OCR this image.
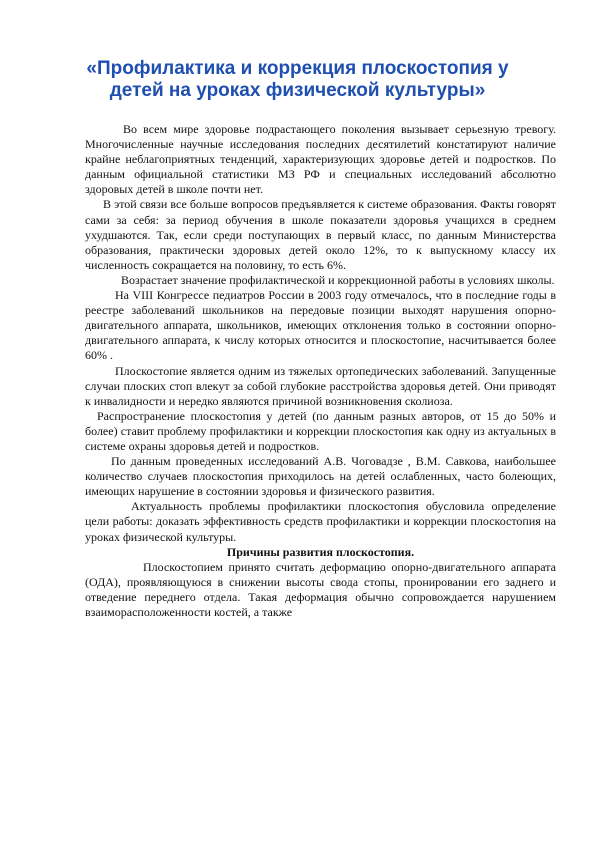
«Профилактика и коррекция плоскостопия у детей на уроках физической культуры»

Во всем мире здоровье подрастающего поколения вызывает серьезную тревогу. Многочисленные научные исследования последних десятилетий констатируют наличие крайне неблагоприятных тенденций, характеризующих здоровье детей и подростков. По данным официальной статистики МЗ РФ и специальных исследований абсолютно здоровых детей в школе почти нет.

В этой связи все больше вопросов предъявляется к системе образования. Факты говорят сами за себя: за период обучения в школе показатели здоровья учащихся в среднем ухудшаются. Так, если среди поступающих в первый класс, по данным Министерства образования, практически здоровых детей около 12%, то к выпускному классу их численность сокращается на половину, то есть 6%.

Возрастает значение профилактической и коррекционной работы в условиях школы.

На VIII Конгрессе педиатров России в 2003 году отмечалось, что в последние годы в реестре заболеваний школьников на передовые позиции выходят нарушения опорно-двигательного аппарата, школьников, имеющих отклонения только в состоянии опорно-двигательного аппарата, к числу которых относится и плоскостопие, насчитывается более 60% .

Плоскостопие является одним из тяжелых ортопедических заболеваний. Запущенные случаи плоских стоп влекут за собой глубокие расстройства здоровья детей. Они приводят к инвалидности и нередко являются причиной возникновения сколиоза.

Распространение плоскостопия у детей (по данным разных авторов, от 15 до 50% и более) ставит проблему профилактики и коррекции плоскостопия как одну из актуальных в системе охраны здоровья детей и подростков.

По данным проведенных исследований А.В. Чоговадзе , В.М. Савкова, наибольшее количество случаев плоскостопия приходилось на детей ослабленных, часто болеющих, имеющих нарушение в состоянии здоровья и физического развития.

Актуальность проблемы профилактики плоскостопия обусловила определение цели работы: доказать эффективность средств профилактики и коррекции плоскостопия на уроках физической культуры.

Причины развития плоскостопия.

Плоскостопием принято считать деформацию опорно-двигательного аппарата (ОДА), проявляющуюся в снижении высоты свода стопы, пронировании его заднего и отведение переднего отдела. Такая деформация обычно сопровождается нарушением взаиморасположенности костей, а также
